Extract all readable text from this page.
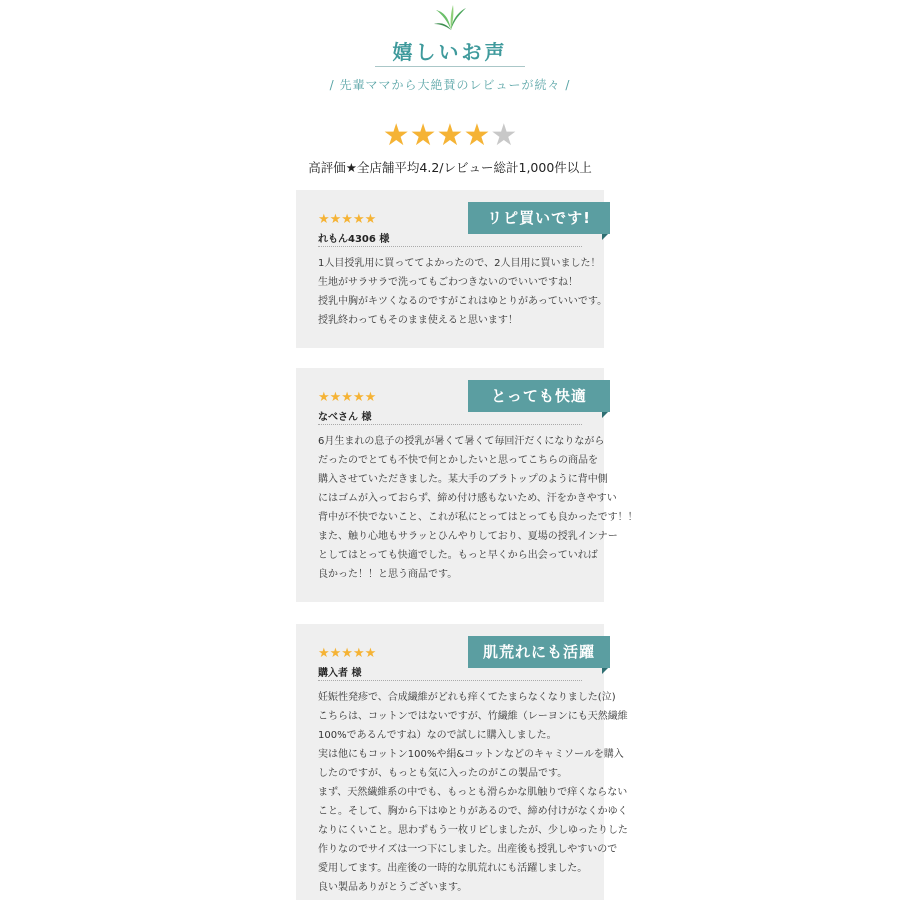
嬉しいお声
/ 先輩ママから大絶賛のレビューが続々 /
★★★★★
高評価★全店舗平均4.2/レビュー総計1,000件以上
★★★★★
れもん4306 様
1人目授乳用に買っててよかったので、2人目用に買いました！
生地がサラサラで洗ってもごわつきないのでいいですね！
授乳中胸がキツくなるのですがこれはゆとりがあっていいです。
授乳終わってもそのまま使えると思います！
リピ買いです!
★★★★★
なべさん 様
6月生まれの息子の授乳が暑くて暑くて毎回汗だくになりながら
だったのでとても不快で何とかしたいと思ってこちらの商品を
購入させていただきました。某大手のブラトップのように背中側
にはゴムが入っておらず、締め付け感もないため、汗をかきやすい
背中が不快でないこと、これが私にとってはとっても良かったです！！
また、触り心地もサラッとひんやりしており、夏場の授乳インナー
としてはとっても快適でした。もっと早くから出会っていれば
良かった！！と思う商品です。
とっても快適
★★★★★
購入者 様
妊娠性発疹で、合成繊維がどれも痒くてたまらなくなりました(泣)
こちらは、コットンではないですが、竹繊維（レーヨンにも天然繊維
100%であるんですね）なので試しに購入しました。
実は他にもコットン100%や絹&コットンなどのキャミソールを購入
したのですが、もっとも気に入ったのがこの製品です。
まず、天然繊維系の中でも、もっとも滑らかな肌触りで痒くならない
こと。そして、胸から下はゆとりがあるので、締め付けがなくかゆく
なりにくいこと。思わずもう一枚リピしましたが、少しゆったりした
作りなのでサイズは一つ下にしました。出産後も授乳しやすいので
愛用してます。出産後の一時的な肌荒れにも活躍しました。
良い製品ありがとうございます。
肌荒れにも活躍
